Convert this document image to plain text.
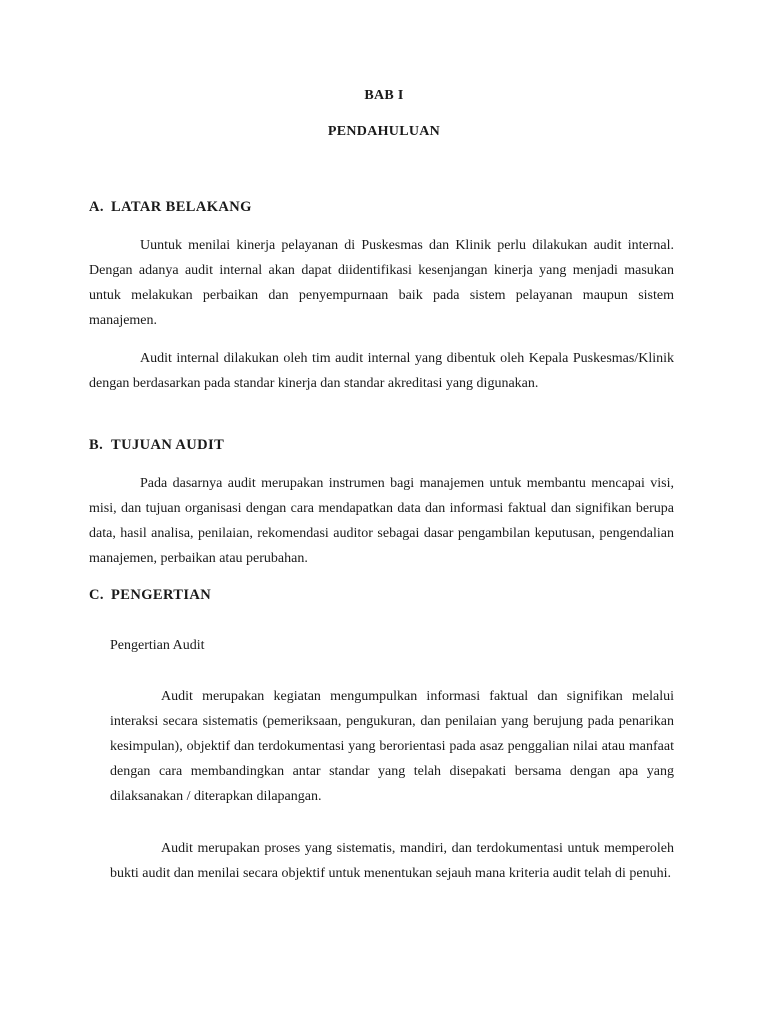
BAB I
PENDAHULUAN
A. LATAR BELAKANG

Uuntuk menilai kinerja pelayanan di Puskesmas dan Klinik perlu dilakukan audit internal. Dengan adanya audit internal akan dapat diidentifikasi kesenjangan kinerja yang menjadi masukan untuk melakukan perbaikan dan penyempurnaan baik pada sistem pelayanan maupun sistem manajemen.

Audit internal dilakukan oleh tim audit internal yang dibentuk oleh Kepala Puskesmas/Klinik dengan berdasarkan pada standar kinerja dan standar akreditasi yang digunakan.

B. TUJUAN AUDIT

Pada dasarnya audit merupakan instrumen bagi manajemen untuk membantu mencapai visi, misi, dan tujuan organisasi dengan cara mendapatkan data dan informasi faktual dan signifikan berupa data, hasil analisa, penilaian, rekomendasi auditor sebagai dasar pengambilan keputusan, pengendalian manajemen, perbaikan atau perubahan.

C. PENGERTIAN
Pengertian Audit

Audit merupakan kegiatan mengumpulkan informasi faktual dan signifikan melalui interaksi secara sistematis (pemeriksaan, pengukuran, dan penilaian yang berujung pada penarikan kesimpulan), objektif dan terdokumentasi yang berorientasi pada asaz penggalian nilai atau manfaat dengan cara membandingkan antar standar yang telah disepakati bersama dengan apa yang dilaksanakan / diterapkan dilapangan.

Audit merupakan proses yang sistematis, mandiri, dan terdokumentasi untuk memperoleh bukti audit dan menilai secara objektif untuk menentukan sejauh mana kriteria audit telah di penuhi.
